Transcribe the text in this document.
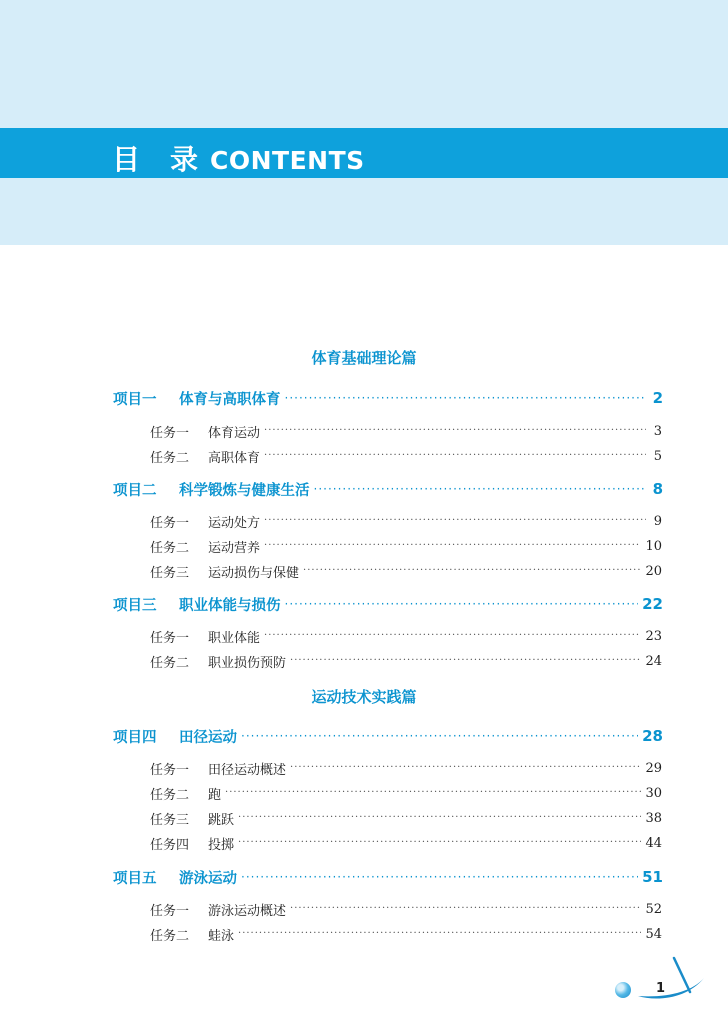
目 录 CONTENTS
体育基础理论篇
项目一	体育与高职体育 ·····	2
任务一	体育运动 ·····	3
任务二	高职体育 ·····	5
项目二	科学锻炼与健康生活 ·····	8
任务一	运动处方 ·····	9
任务二	运动营养 ·····	10
任务三	运动损伤与保健 ·····	20
项目三	职业体能与损伤 ·····	22
任务一	职业体能 ·····	23
任务二	职业损伤预防 ·····	24
运动技术实践篇
项目四	田径运动 ·····	28
任务一	田径运动概述 ·····	29
任务二	跑 ·····	30
任务三	跳跃 ·····	38
任务四	投掷 ·····	44
项目五	游泳运动 ·····	51
任务一	游泳运动概述 ·····	52
任务二	蛙泳 ·····	54
1
